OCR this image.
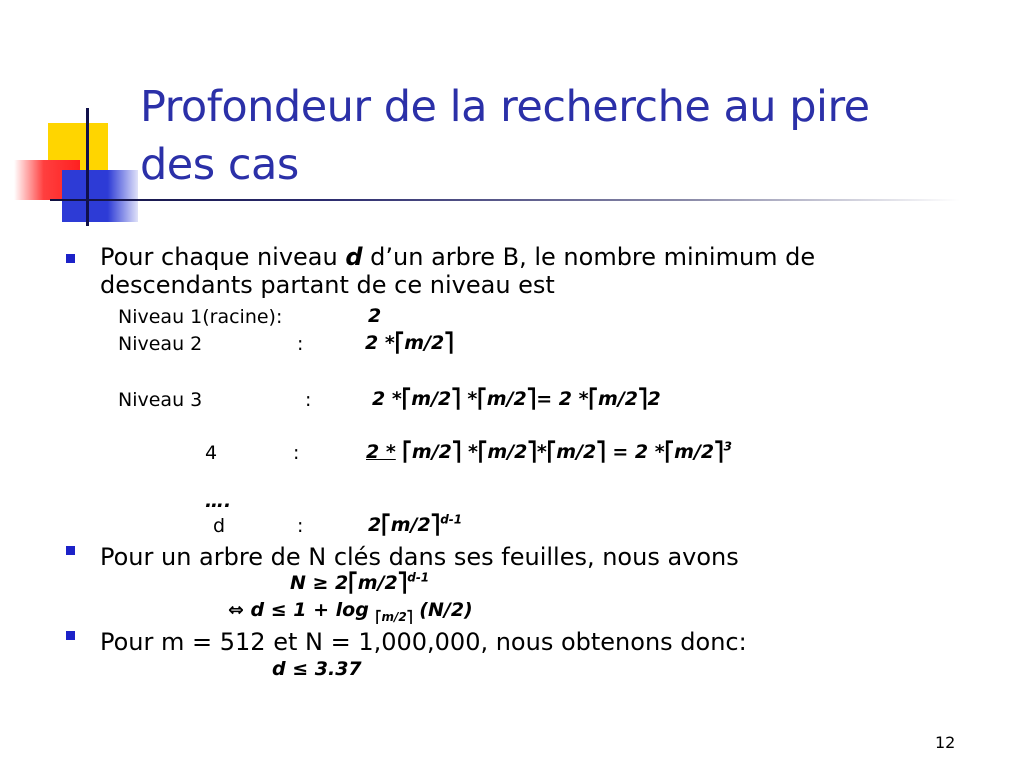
Profondeur de la recherche au pire
des cas
Pour chaque niveau d d’un arbre B, le nombre minimum de
descendants partant de ce niveau est
Niveau 1(racine):	2
Niveau 2	:	2 *⎡m/2⎤
Niveau 3	:	2 *⎡m/2⎤ *⎡m/2⎤= 2 *⎡m/2⎤2
4	:	2 * ⎡m/2⎤ *⎡m/2⎤*⎡m/2⎤ = 2 *⎡m/2⎤$^3$
….
d	:	2⎡m/2⎤$^{d-1}$
Pour un arbre de N clés dans ses feuilles, nous avons
N ≥ 2⎡m/2⎤$^{d-1}$
⇔ d ≤ 1 + log $_{⎡m/2⎤}$ (N/2)
Pour m = 512 et N = 1,000,000, nous obtenons donc:
d ≤ 3.37
12
